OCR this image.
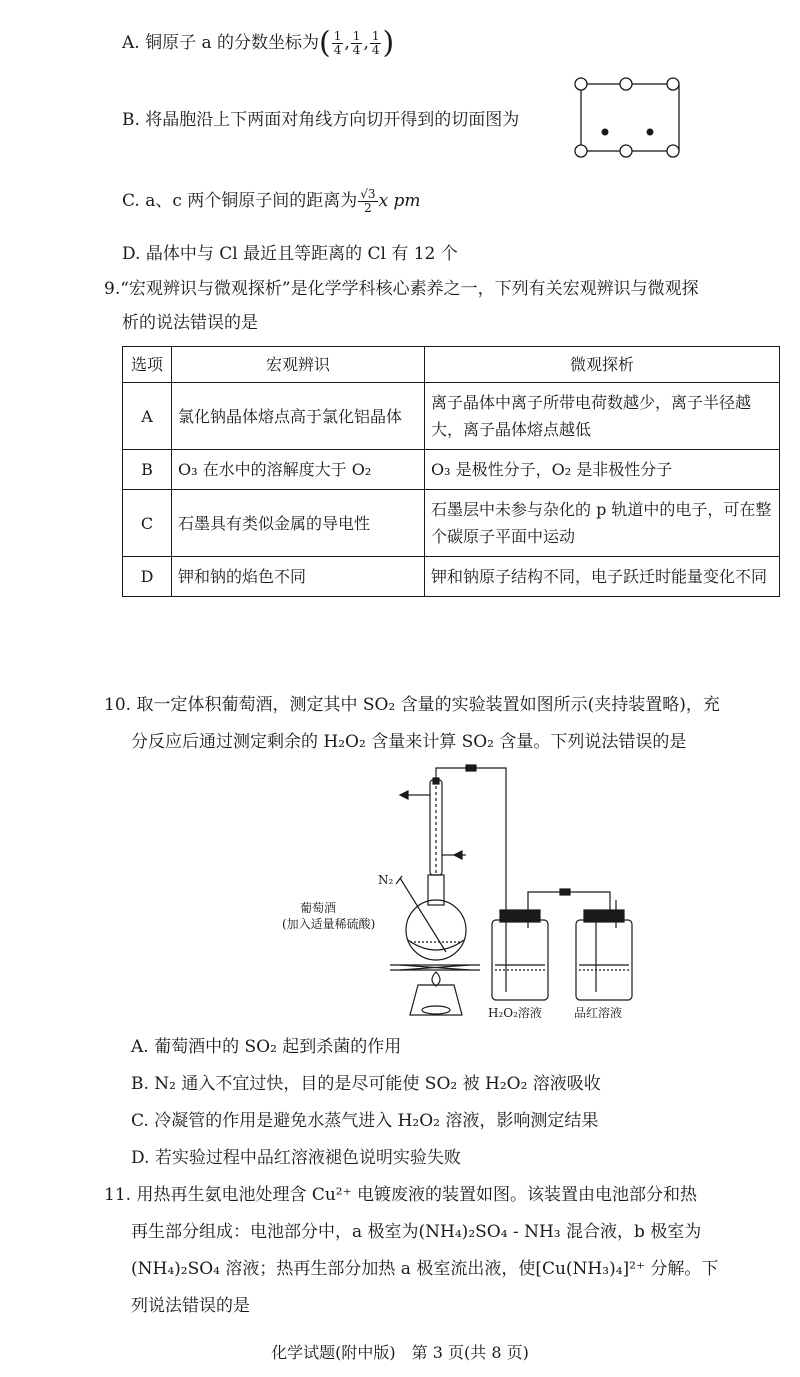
A. 铜原子 a 的分数坐标为( $\frac{1}{4}$ , $\frac{1}{4}$ , $\frac{1}{4}$ )
B. 将晶胞沿上下两面对角线方向切开得到的切面图为
C. a、c 两个铜原子间的距离为 $\frac{√3}{2}$ x pm
D. 晶体中与 Cl 最近且等距离的 Cl 有 12 个
9.“宏观辨识与微观探析”是化学学科核心素养之一，下列有关宏观辨识与微观探
析的说法错误的是
选项	宏观辨识	微观探析
A	氯化钠晶体熔点高于氯化铝晶体	离子晶体中离子所带电荷数越少，离子半径越大，离子晶体熔点越低
B	O₃ 在水中的溶解度大于 O₂	O₃ 是极性分子，O₂ 是非极性分子
C	石墨具有类似金属的导电性	石墨层中未参与杂化的 p 轨道中的电子，可在整个碳原子平面中运动
D	钾和钠的焰色不同	钾和钠原子结构不同，电子跃迁时能量变化不同
10. 取一定体积葡萄酒，测定其中 SO₂ 含量的实验装置如图所示(夹持装置略)，充
分反应后通过测定剩余的 H₂O₂ 含量来计算 SO₂ 含量。下列说法错误的是
N₂
葡萄酒
(加入适量稀硫酸)
H₂O₂溶液	品红溶液
A. 葡萄酒中的 SO₂ 起到杀菌的作用
B. N₂ 通入不宜过快，目的是尽可能使 SO₂ 被 H₂O₂ 溶液吸收
C. 冷凝管的作用是避免水蒸气进入 H₂O₂ 溶液，影响测定结果
D. 若实验过程中品红溶液褪色说明实验失败
11. 用热再生氨电池处理含 Cu²⁺ 电镀废液的装置如图。该装置由电池部分和热
再生部分组成：电池部分中，a 极室为(NH₄)₂SO₄ - NH₃ 混合液，b 极室为
(NH₄)₂SO₄ 溶液；热再生部分加热 a 极室流出液，使[Cu(NH₃)₄]²⁺ 分解。下
列说法错误的是
化学试题(附中版)　第 3 页(共 8 页)
